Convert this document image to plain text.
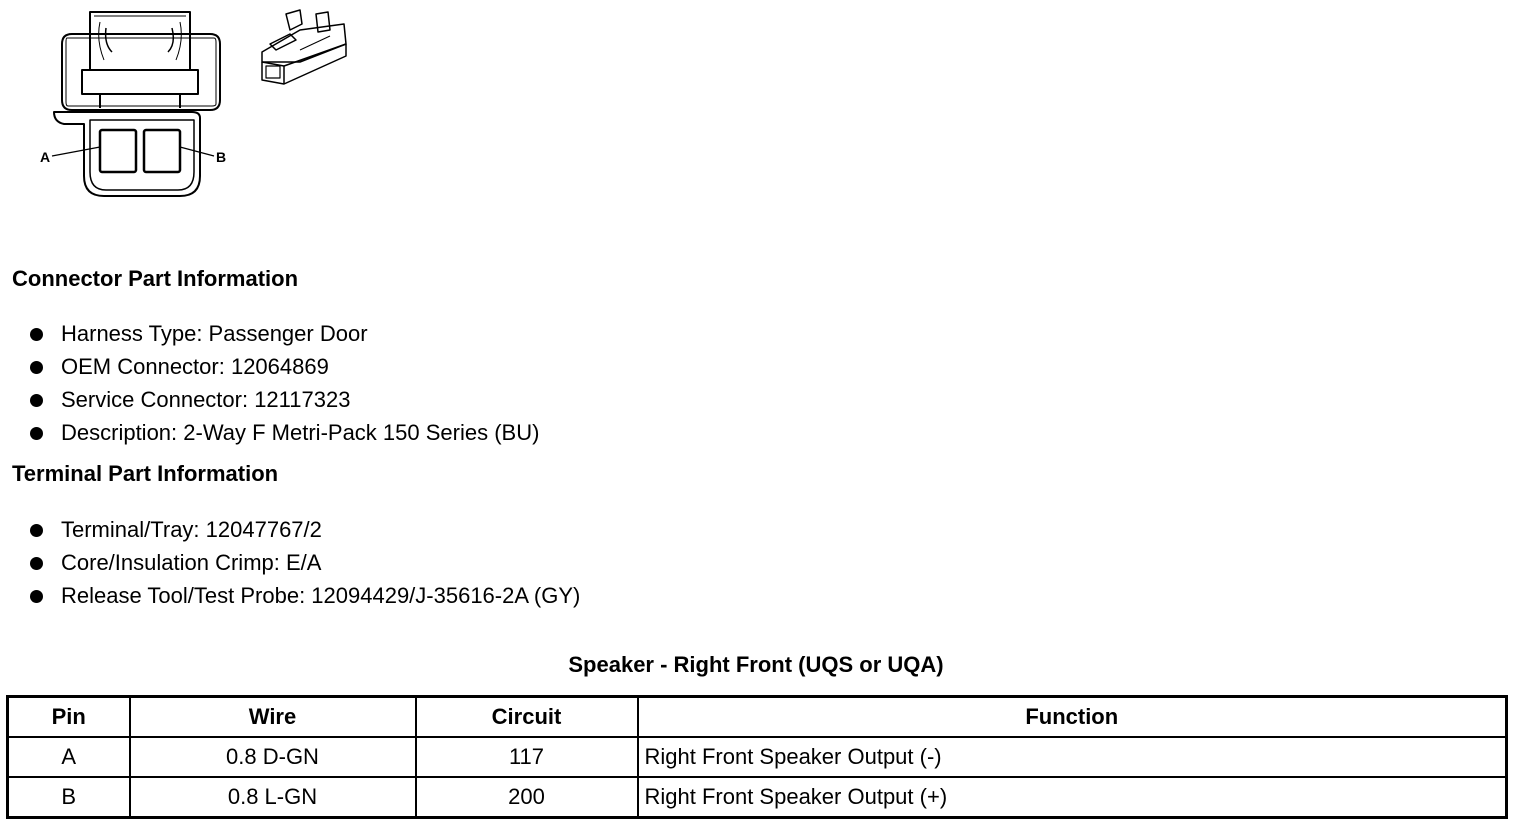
A	B
Connector Part Information
Harness Type: Passenger Door
OEM Connector: 12064869
Service Connector: 12117323
Description: 2-Way F Metri-Pack 150 Series (BU)
Terminal Part Information
Terminal/Tray: 12047767/2
Core/Insulation Crimp: E/A
Release Tool/Test Probe: 12094429/J-35616-2A (GY)
Speaker - Right Front (UQS or UQA)
Pin	Wire	Circuit	Function
A	0.8 D-GN	117	Right Front Speaker Output (-)
B	0.8 L-GN	200	Right Front Speaker Output (+)
